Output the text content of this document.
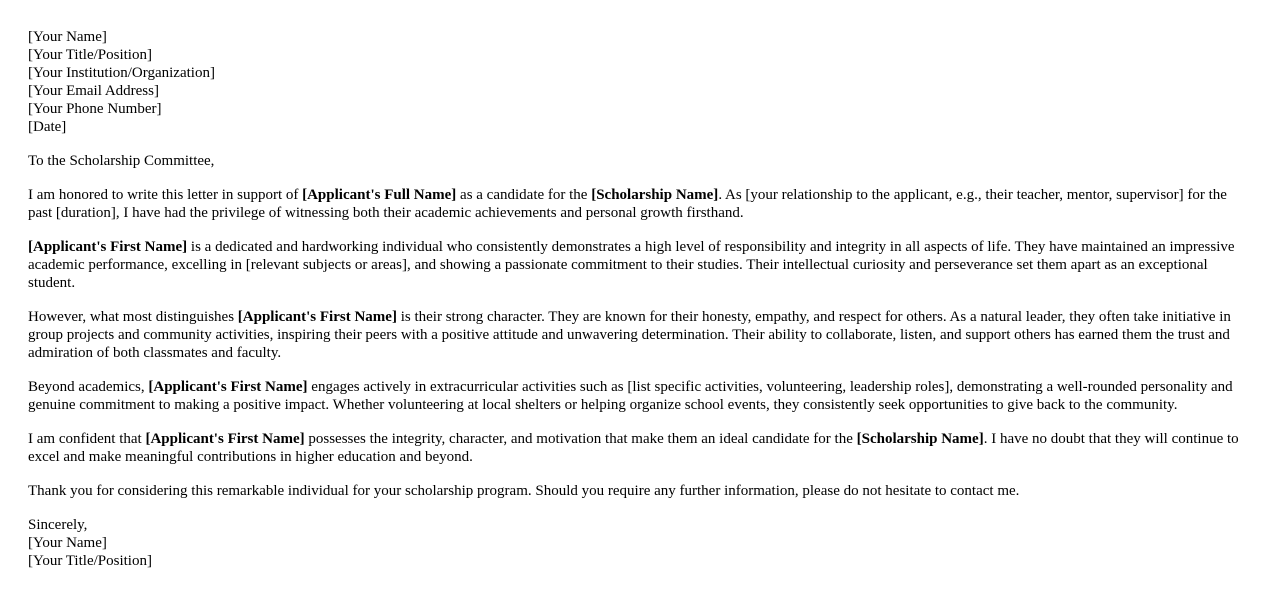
[Your Name]
[Your Title/Position]
[Your Institution/Organization]
[Your Email Address]
[Your Phone Number]
[Date]

To the Scholarship Committee,

I am honored to write this letter in support of [Applicant's Full Name] as a candidate for the [Scholarship Name]. As [your relationship to the applicant, e.g., their teacher, mentor, supervisor] for the past [duration], I have had the privilege of witnessing both their academic achievements and personal growth firsthand.

[Applicant's First Name] is a dedicated and hardworking individual who consistently demonstrates a high level of responsibility and integrity in all aspects of life. They have maintained an impressive academic performance, excelling in [relevant subjects or areas], and showing a passionate commitment to their studies. Their intellectual curiosity and perseverance set them apart as an exceptional student.

However, what most distinguishes [Applicant's First Name] is their strong character. They are known for their honesty, empathy, and respect for others. As a natural leader, they often take initiative in group projects and community activities, inspiring their peers with a positive attitude and unwavering determination. Their ability to collaborate, listen, and support others has earned them the trust and admiration of both classmates and faculty.

Beyond academics, [Applicant's First Name] engages actively in extracurricular activities such as [list specific activities, volunteering, leadership roles], demonstrating a well-rounded personality and genuine commitment to making a positive impact. Whether volunteering at local shelters or helping organize school events, they consistently seek opportunities to give back to the community.

I am confident that [Applicant's First Name] possesses the integrity, character, and motivation that make them an ideal candidate for the [Scholarship Name]. I have no doubt that they will continue to excel and make meaningful contributions in higher education and beyond.

Thank you for considering this remarkable individual for your scholarship program. Should you require any further information, please do not hesitate to contact me.

Sincerely,
[Your Name]
[Your Title/Position]
